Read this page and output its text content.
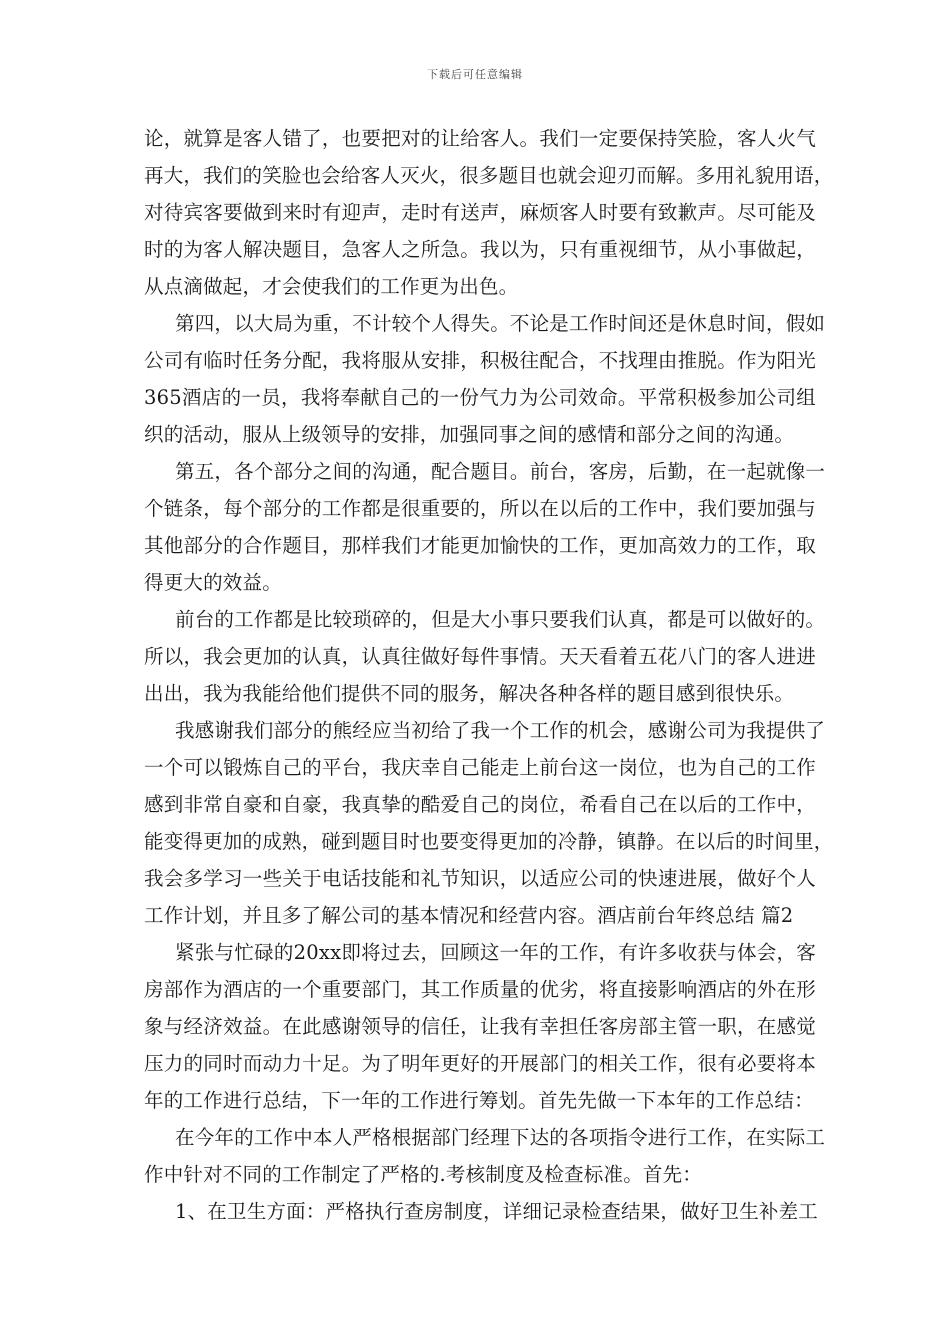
下载后可任意编辑
论，就算是客人错了，也要把对的让给客人。我们一定要保持笑脸，客人火气
再大，我们的笑脸也会给客人灭火，很多题目也就会迎刃而解。多用礼貌用语，
对待宾客要做到来时有迎声，走时有送声，麻烦客人时要有致歉声。尽可能及
时的为客人解决题目，急客人之所急。我以为，只有重视细节，从小事做起，
从点滴做起，才会使我们的工作更为出色。
第四，以大局为重，不计较个人得失。不论是工作时间还是休息时间，假如
公司有临时任务分配，我将服从安排，积极往配合，不找理由推脱。作为阳光
365酒店的一员，我将奉献自己的一份气力为公司效命。平常积极参加公司组
织的活动，服从上级领导的安排，加强同事之间的感情和部分之间的沟通。
第五，各个部分之间的沟通，配合题目。前台，客房，后勤，在一起就像一
个链条，每个部分的工作都是很重要的，所以在以后的工作中，我们要加强与
其他部分的合作题目，那样我们才能更加愉快的工作，更加高效力的工作，取
得更大的效益。
前台的工作都是比较琐碎的，但是大小事只要我们认真，都是可以做好的。
所以，我会更加的认真，认真往做好每件事情。天天看着五花八门的客人进进
出出，我为我能给他们提供不同的服务，解决各种各样的题目感到很快乐。
我感谢我们部分的熊经应当初给了我一个工作的机会，感谢公司为我提供了
一个可以锻炼自己的平台，我庆幸自己能走上前台这一岗位，也为自己的工作
感到非常自豪和自豪，我真挚的酷爱自己的岗位，希看自己在以后的工作中，
能变得更加的成熟，碰到题目时也要变得更加的冷静，镇静。在以后的时间里，
我会多学习一些关于电话技能和礼节知识，以适应公司的快速进展，做好个人
工作计划，并且多了解公司的基本情况和经营内容。酒店前台年终总结 篇2
紧张与忙碌的20xx即将过去，回顾这一年的工作，有许多收获与体会，客
房部作为酒店的一个重要部门，其工作质量的优劣，将直接影响酒店的外在形
象与经济效益。在此感谢领导的信任，让我有幸担任客房部主管一职，在感觉
压力的同时而动力十足。为了明年更好的开展部门的相关工作，很有必要将本
年的工作进行总结，下一年的工作进行筹划。首先先做一下本年的工作总结：
在今年的工作中本人严格根据部门经理下达的各项指令进行工作，在实际工
作中针对不同的工作制定了严格的.考核制度及检查标准。首先：
1、在卫生方面：严格执行查房制度，详细记录检查结果，做好卫生补差工
